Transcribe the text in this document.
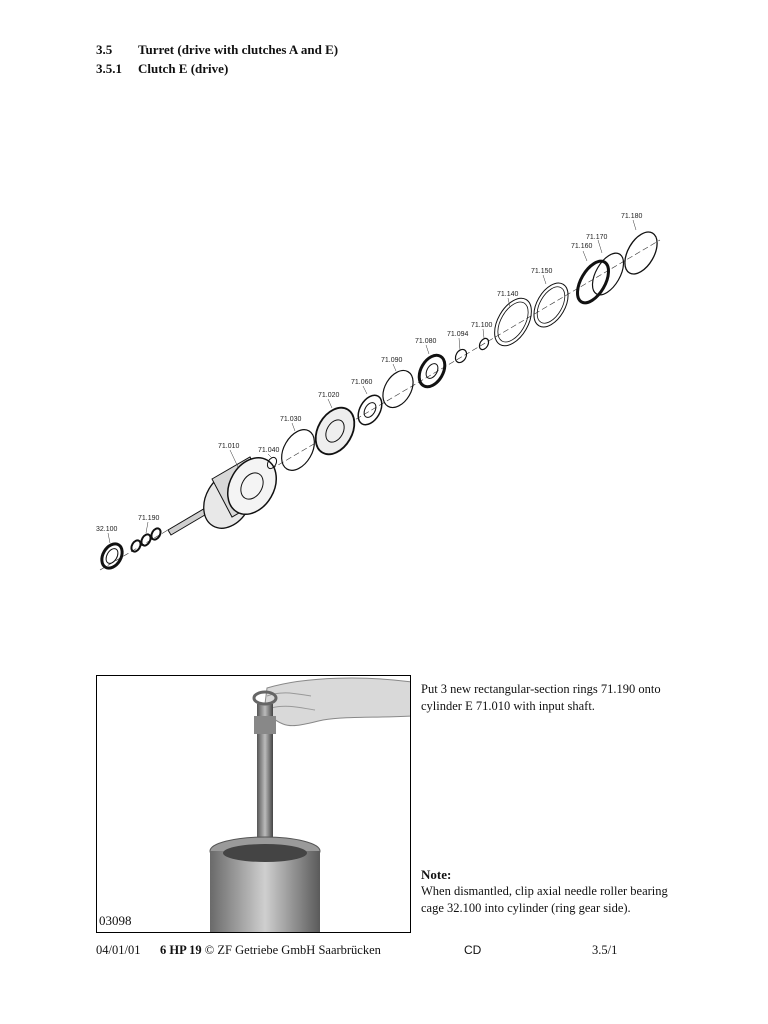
3.5 Turret (drive with clutches A and E)
3.5.1 Clutch E (drive)
71.180
71.170
71.160
71.150
71.140
71.100
71.094
71.080
71.090
71.060
71.020
71.030
71.010
71.040
71.190
32.100
03098
Put 3 new rectangular-section rings 71.190 onto cylinder E 71.010 with input shaft.
Note:
When dismantled, clip axial needle roller bearing cage 32.100 into cylinder (ring gear side).
04/01/01 6 HP 19 © ZF Getriebe GmbH Saarbrücken	CD	3.5/1
